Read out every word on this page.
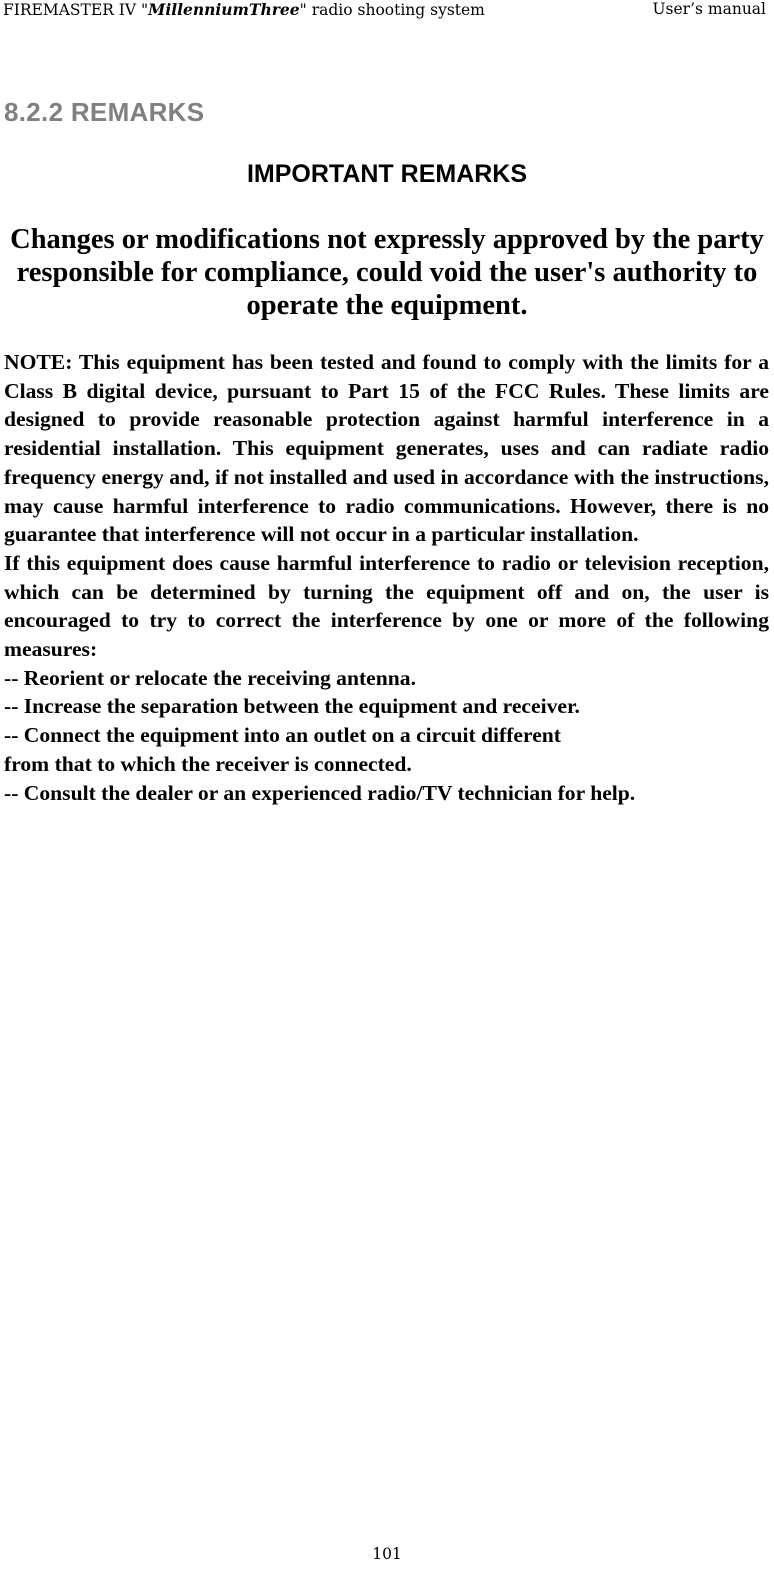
FIREMASTER IV "MillenniumThree" radio shooting system	User’s manual
8.2.2 REMARKS
IMPORTANT REMARKS

Changes or modifications not expressly approved by the party responsible for compliance, could void the user's authority to operate the equipment.

NOTE: This equipment has been tested and found to comply with the limits for a Class B digital device, pursuant to Part 15 of the FCC Rules. These limits are designed to provide reasonable protection against harmful interference in a residential installation. This equipment generates, uses and can radiate radio frequency energy and, if not installed and used in accordance with the instructions, may cause harmful interference to radio communications. However, there is no guarantee that interference will not occur in a particular installation.

If this equipment does cause harmful interference to radio or television reception, which can be determined by turning the equipment off and on, the user is encouraged to try to correct the interference by one or more of the following measures:

-- Reorient or relocate the receiving antenna.
-- Increase the separation between the equipment and receiver.
-- Connect the equipment into an outlet on a circuit different
from that to which the receiver is connected.
-- Consult the dealer or an experienced radio/TV technician for help.
101
